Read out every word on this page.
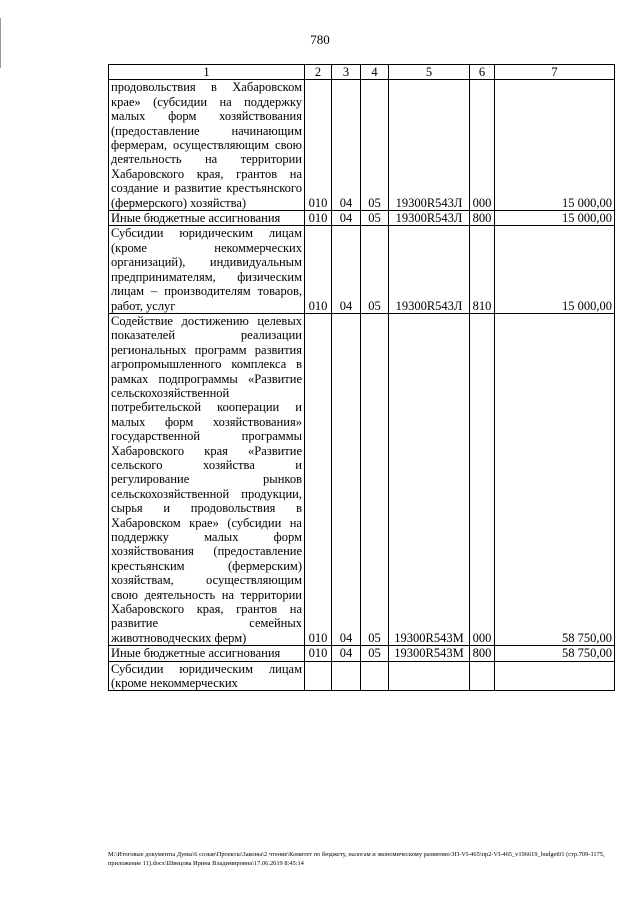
780
1	2	3	4	5	6	7
продовольствия в Хабаровском крае» (субсидии на поддержку малых форм хозяйствования (предоставление начинающим фермерам, осуществляющим свою деятельность на территории Хабаровского края, грантов на создание и развитие крестьянского (фермерского) хозяйства)	010	04	05	19300R543Л	000	15 000,00
Иные бюджетные ассигнования	010	04	05	19300R543Л	800	15 000,00
Субсидии юридическим лицам (кроме некоммерческих организаций), индивидуальным предпринимателям, физическим лицам – производителям товаров, работ, услуг	010	04	05	19300R543Л	810	15 000,00
Содействие достижению целевых показателей реализации региональных программ развития агропромышленного комплекса в рамках подпрограммы «Развитие сельскохозяйственной потребительской кооперации и малых форм хозяйствования» государственной программы Хабаровского края «Развитие сельского хозяйства и регулирование рынков сельскохозяйственной продукции, сырья и продовольствия в Хабаровском крае» (субсидии на поддержку малых форм хозяйствования (предоставление крестьянским (фермерским) хозяйствам, осуществляющим свою деятельность на территории Хабаровского края, грантов на развитие семейных животноводческих ферм)	010	04	05	19300R543М	000	58 750,00
Иные бюджетные ассигнования	010	04	05	19300R543М	800	58 750,00
Субсидии юридическим лицам (кроме некоммерческих						
M:\Итоговые документы Думы\6 созыв\Проекты\Законы\2 чтение\Комитет по бюджету, налогам и экономическому развитию\ЗП-VI-465\пр2-VI-465_v196619_budget01 (стр.709-1175, приложение 11).docx\Швецова Ирина Владимировна\17.06.2019 8:45:14
